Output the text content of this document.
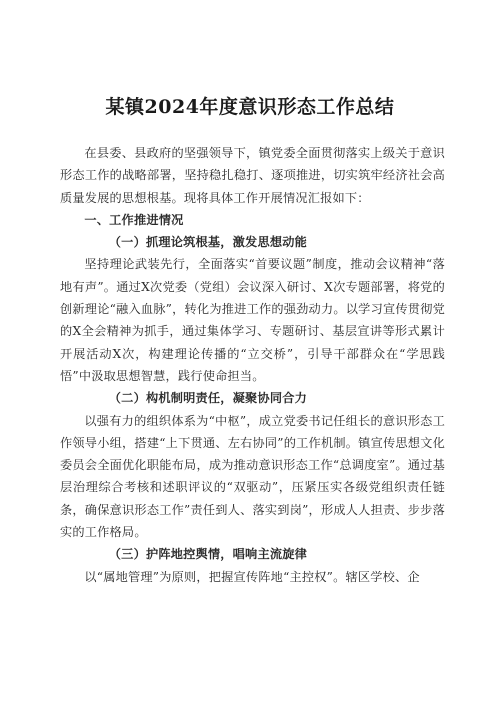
某镇2024年度意识形态工作总结

在县委、县政府的坚强领导下，镇党委全面贯彻落实上级关于意识形态工作的战略部署，坚持稳扎稳打、逐项推进，切实筑牢经济社会高质量发展的思想根基。现将具体工作开展情况汇报如下：

一、工作推进情况

（一）抓理论筑根基，激发思想动能

坚持理论武装先行，全面落实“首要议题”制度，推动会议精神“落地有声”。通过X次党委（党组）会议深入研讨、X次专题部署，将党的创新理论“融入血脉”，转化为推进工作的强劲动力。以学习宣传贯彻党的X全会精神为抓手，通过集体学习、专题研讨、基层宣讲等形式累计开展活动X次，构建理论传播的“立交桥”，引导干部群众在“学思践悟”中汲取思想智慧，践行使命担当。

（二）构机制明责任，凝聚协同合力

以强有力的组织体系为“中枢”，成立党委书记任组长的意识形态工作领导小组，搭建“上下贯通、左右协同”的工作机制。镇宣传思想文化委员会全面优化职能布局，成为推动意识形态工作“总调度室”。通过基层治理综合考核和述职评议的“双驱动”，压紧压实各级党组织责任链条，确保意识形态工作”责任到人、落实到岗”，形成人人担责、步步落实的工作格局。

（三）护阵地控舆情，唱响主流旋律

以“属地管理”为原则，把握宣传阵地“主控权”。辖区学校、企
